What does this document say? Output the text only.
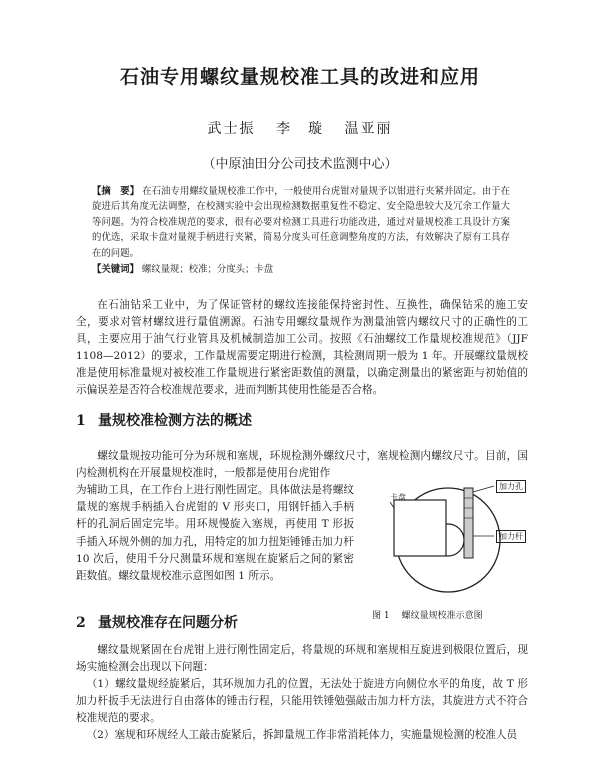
石油专用螺纹量规校准工具的改进和应用
武士振 李　璇 温亚丽
（中原油田分公司技术监测中心）
【摘　要】 在石油专用螺纹量规校准工作中，一般使用台虎钳对量规予以钳进行夹紧并固定。由于在旋进后其角度无法调整，在校测实验中会出现检测数据重复性不稳定、安全隐患较大及冗余工作量大等问题。为符合校准规范的要求，很有必要对检测工具进行功能改进，通过对量规校准工具设计方案的优选，采取卡盘对量规手柄进行夹紧，简易分度头可任意调整角度的方法，有效解决了原有工具存在的问题。
【关键词】 螺纹量规；校准；分度头；卡盘
在石油钻采工业中，为了保证管材的螺纹连接能保持密封性、互换性，确保钻采的施工安全，要求对管材螺纹进行量值溯源。石油专用螺纹量规作为测量油管内螺纹尺寸的正确性的工具，主要应用于油气行业管具及机械制造加工公司。按照《石油螺纹工作量规校准规范》（JJF 1108—2012）的要求，工作量规需要定期进行检测，其检测周期一般为 1 年。开展螺纹量规校准是使用标准量规对被校准工作量规进行紧密距数值的测量，以确定测量出的紧密距与初始值的示偏误差是否符合校准规范要求，进而判断其使用性能是否合格。
1 量规校准检测方法的概述
螺纹量规按功能可分为环规和塞规，环规检测外螺纹尺寸，塞规检测内螺纹尺寸。目前，国内检测机构在开展量规校准时，一般都是使用台虎钳作
为辅助工具，在工作台上进行刚性固定。具体做法是将螺纹量规的塞规手柄插入台虎钳的 V 形夹口，用钢钎插入手柄杆的孔洞后固定完毕。用环规慢旋入塞规，再使用 T 形扳手插入环规外侧的加力孔，用特定的加力扭矩锤锤击加力杆 10 次后，使用千分尺测量环规和塞规在旋紧后之间的紧密距数值。螺纹量规校准示意图如图 1 所示。
卡盘
加力孔
加力杆
图 1 螺纹量规校准示意图
2 量规校准存在问题分析
螺纹量规紧固在台虎钳上进行刚性固定后，将量规的环规和塞规相互旋进到极限位置后，现场实施检测会出现以下问题：
（1）螺纹量规经旋紧后，其环规加力孔的位置，无法处于旋进方向侧位水平的角度，故 T 形加力杆扳手无法进行自由落体的锤击行程，只能用铁锤勉强敲击加力杆方法，其旋进方式不符合校准规范的要求。
（2）塞规和环规经人工敲击旋紧后，拆卸量规工作非常消耗体力，实施量规检测的校准人员
